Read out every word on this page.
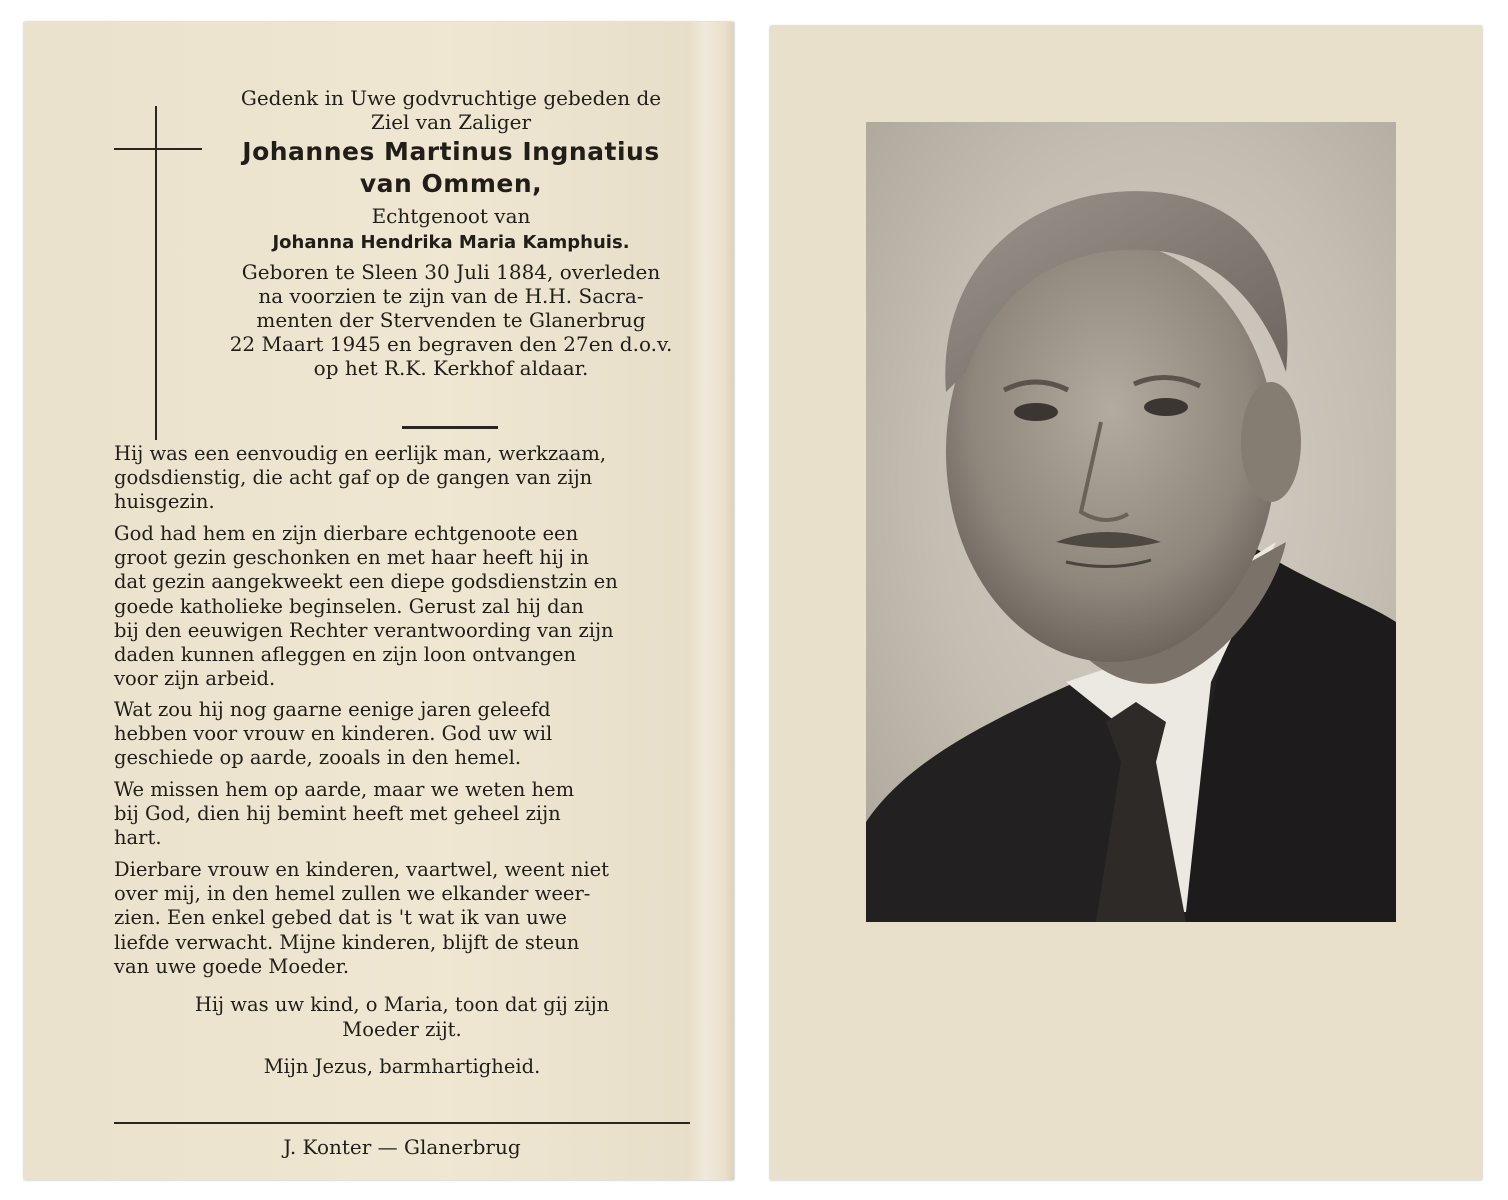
Gedenk in Uwe godvruchtige gebeden de
Ziel van Zaliger
Johannes Martinus Ingnatius
van Ommen,
Echtgenoot van
Johanna Hendrika Maria Kamphuis.
Geboren te Sleen 30 Juli 1884, overleden
na voorzien te zijn van de H.H. Sacra-
menten der Stervenden te Glanerbrug
22 Maart 1945 en begraven den 27en d.o.v.
op het R.K. Kerkhof aldaar.
Hij was een eenvoudig en eerlijk man, werkzaam,
godsdienstig, die acht gaf op de gangen van zijn
huisgezin.
God had hem en zijn dierbare echtgenoote een
groot gezin geschonken en met haar heeft hij in
dat gezin aangekweekt een diepe godsdienstzin en
goede katholieke beginselen. Gerust zal hij dan
bij den eeuwigen Rechter verantwoording van zijn
daden kunnen afleggen en zijn loon ontvangen
voor zijn arbeid.
Wat zou hij nog gaarne eenige jaren geleefd
hebben voor vrouw en kinderen. God uw wil
geschiede op aarde, zooals in den hemel.
We missen hem op aarde, maar we weten hem
bij God, dien hij bemint heeft met geheel zijn
hart.
Dierbare vrouw en kinderen, vaartwel, weent niet
over mij, in den hemel zullen we elkander weer-
zien. Een enkel gebed dat is 't wat ik van uwe
liefde verwacht. Mijne kinderen, blijft de steun
van uwe goede Moeder.
Hij was uw kind, o Maria, toon dat gij zijn
Moeder zijt.
Mijn Jezus, barmhartigheid.
J. Konter — Glanerbrug
